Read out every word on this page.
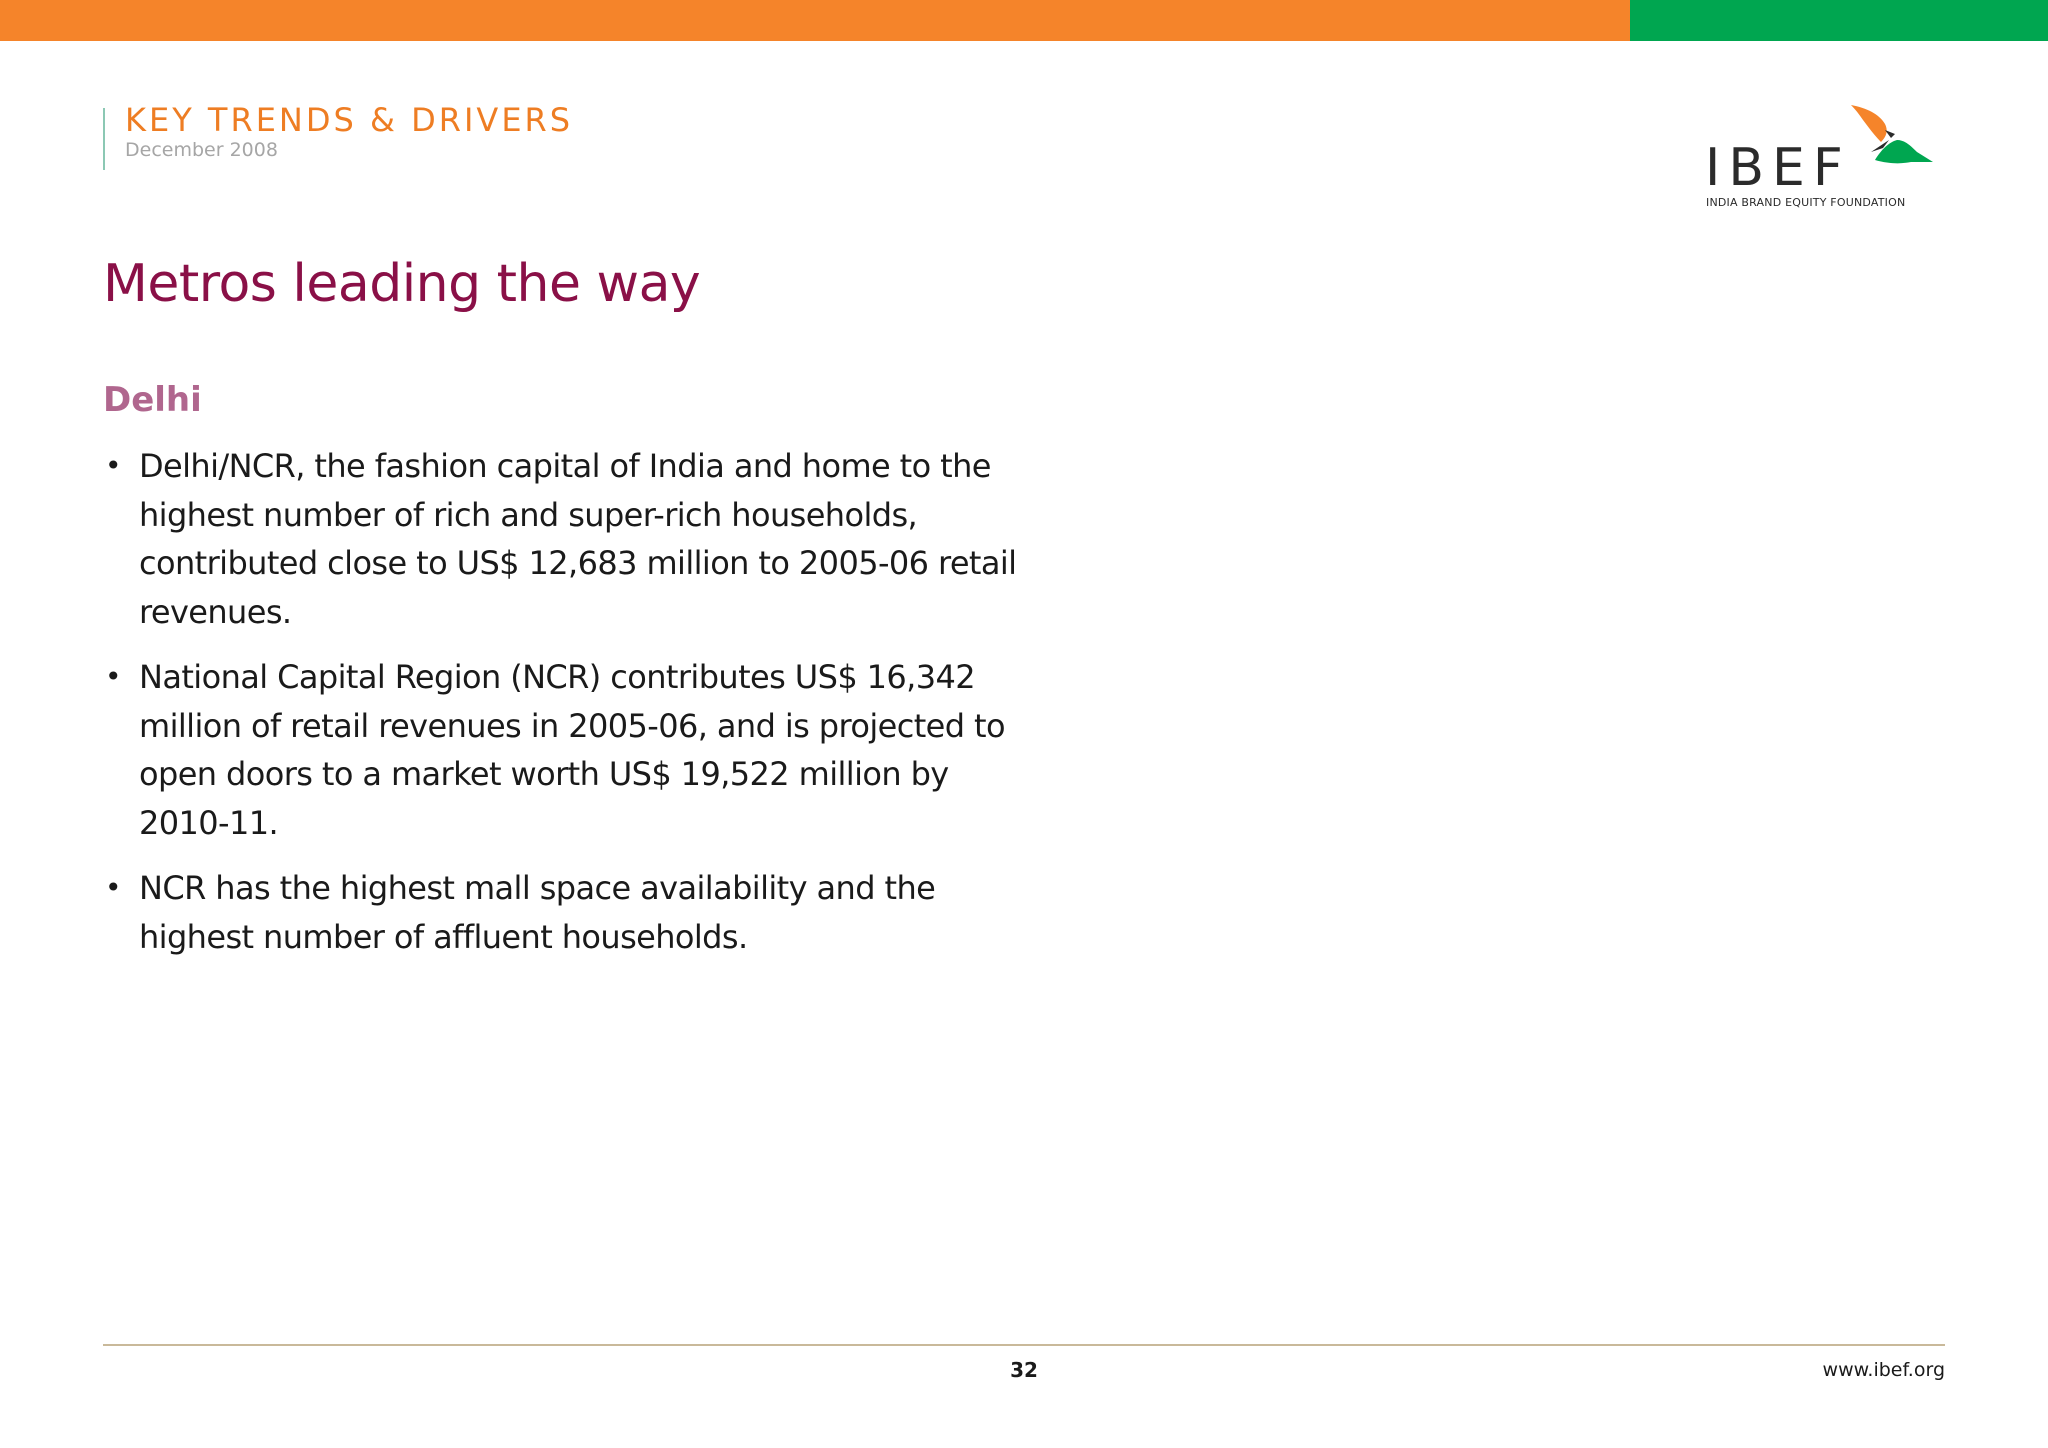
KEY TRENDS & DRIVERS
December 2008	IBEF
INDIA BRAND EQUITY FOUNDATION
Metros leading the way
Delhi
• Delhi/NCR, the fashion capital of India and home to the highest number of rich and super-rich households, contributed close to US$ 12,683 million to 2005-06 retail revenues.
• National Capital Region (NCR) contributes US$ 16,342 million of retail revenues in 2005-06, and is projected to open doors to a market worth US$ 19,522 million by 2010-11.
• NCR has the highest mall space availability and the highest number of affluent households.
32	www.ibef.org
